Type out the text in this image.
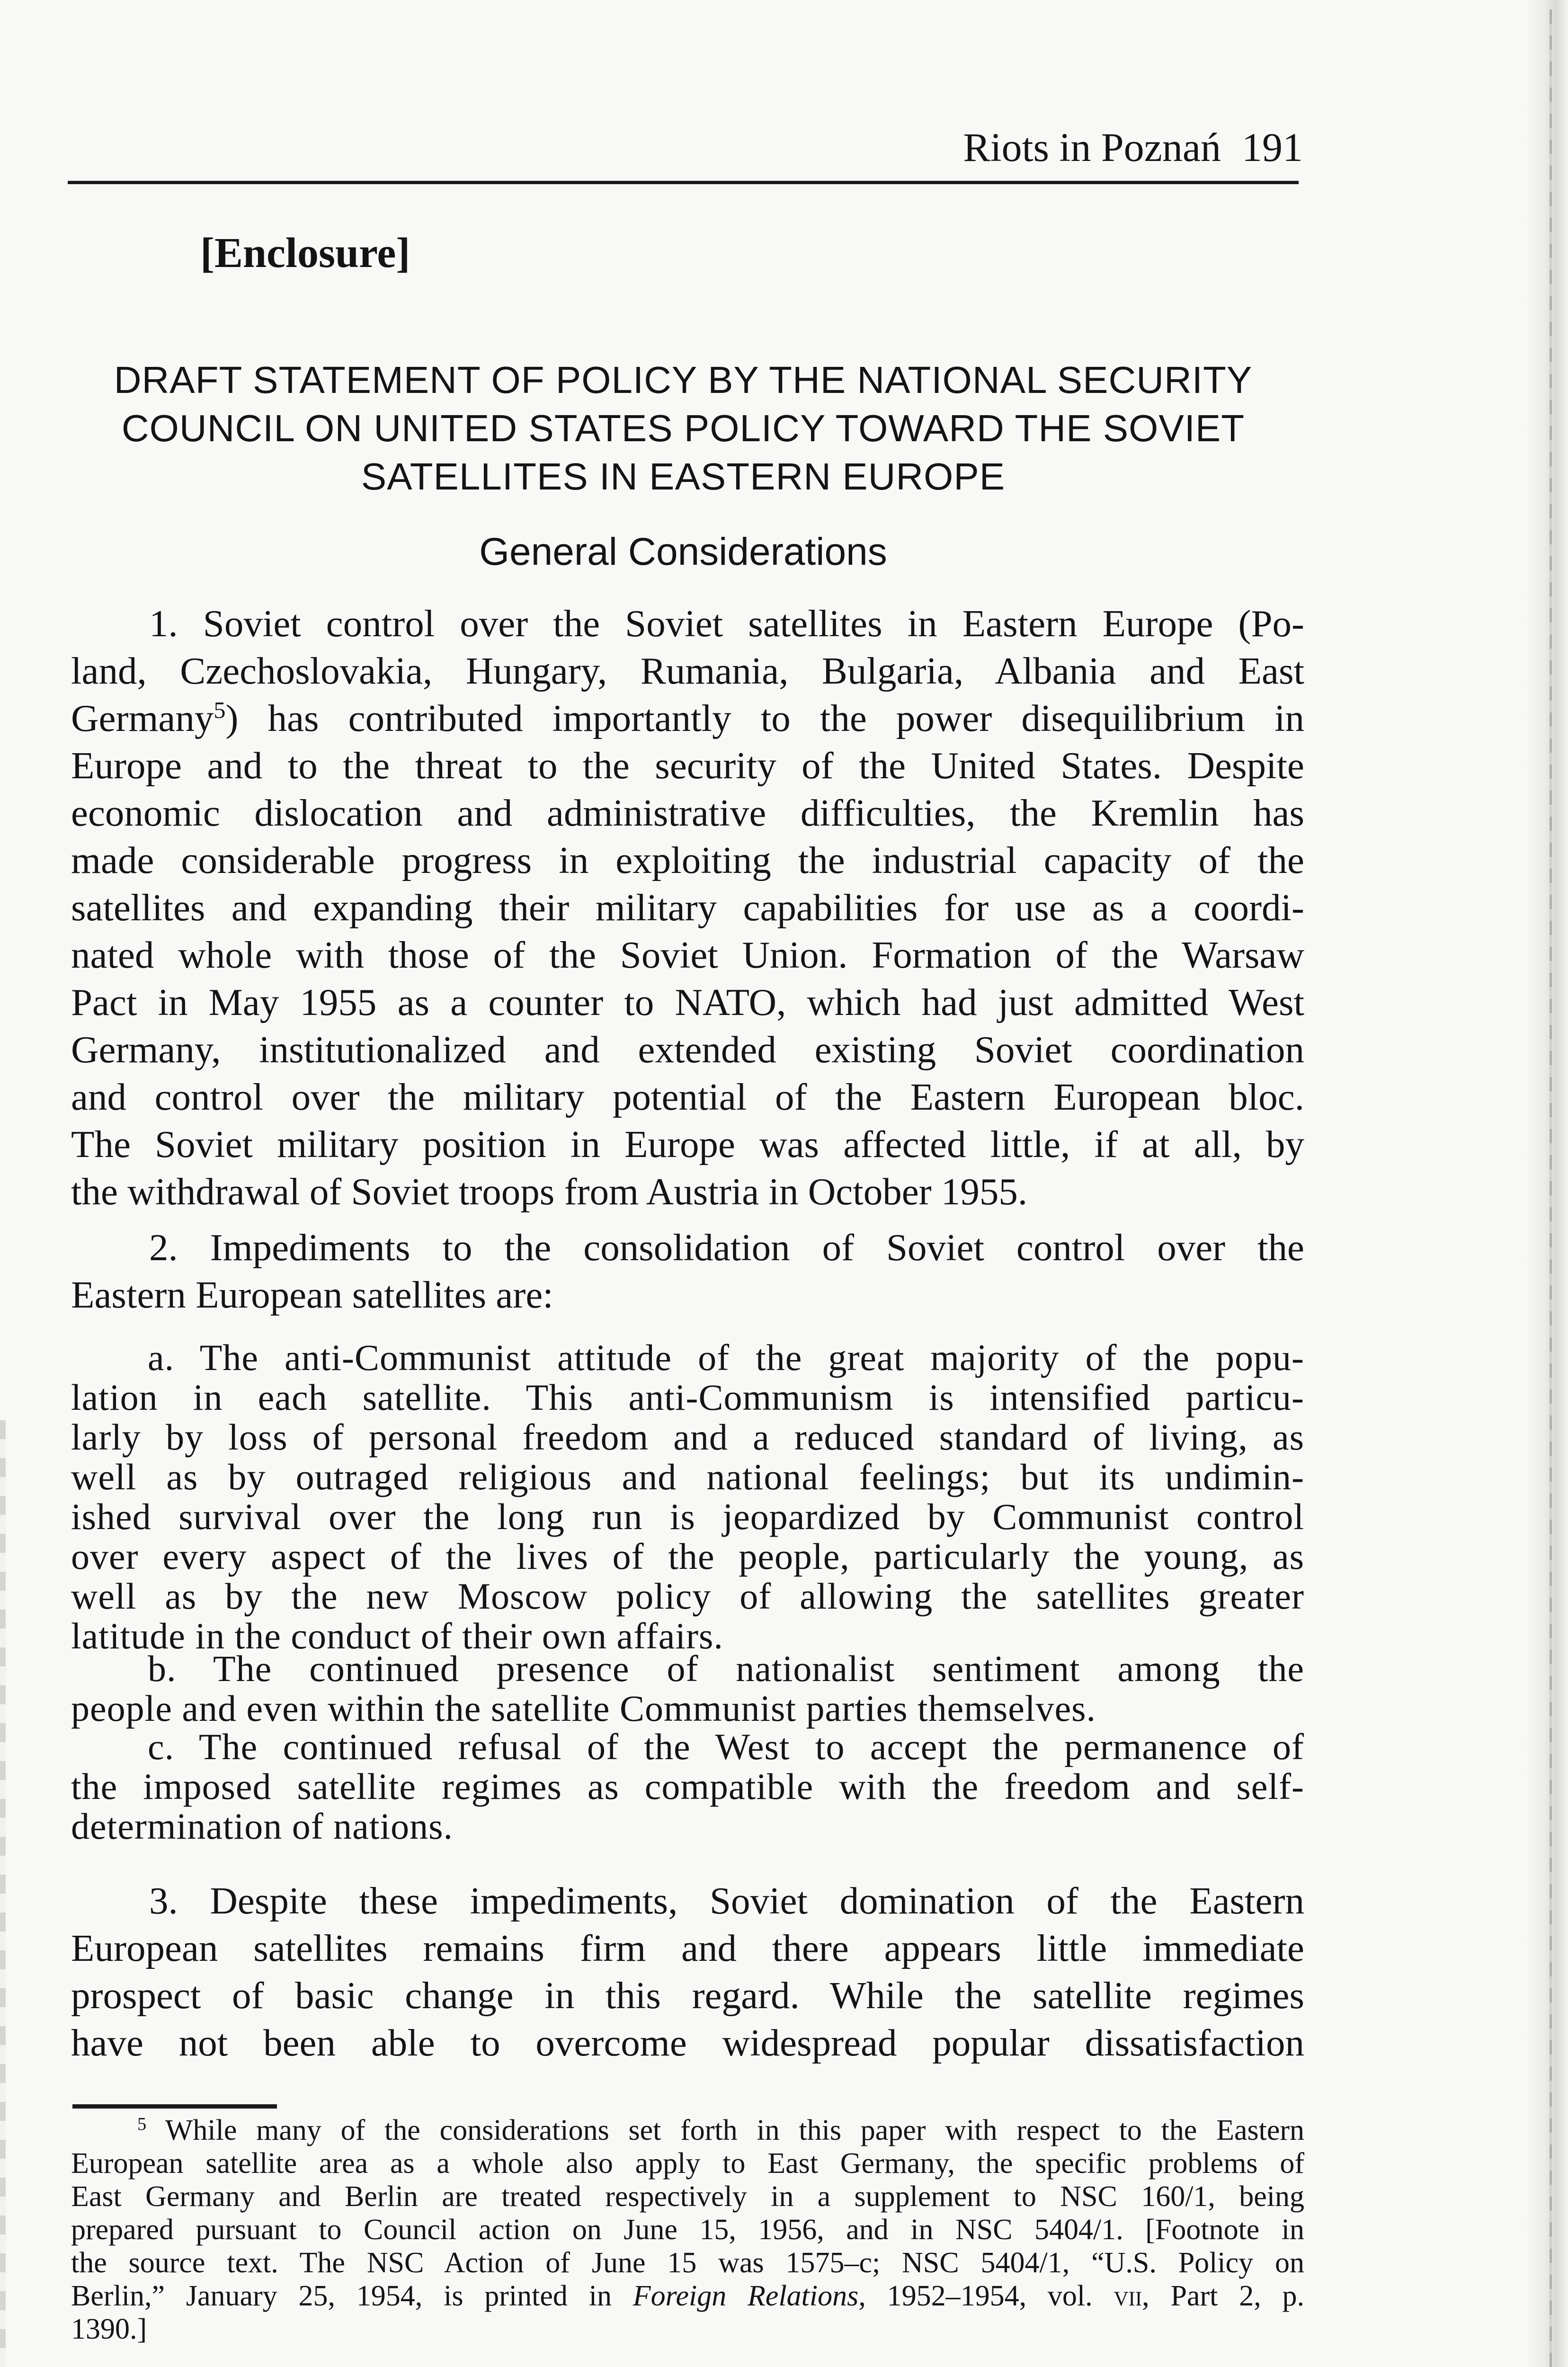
Riots in Poznań 191
[Enclosure]
DRAFT STATEMENT OF POLICY BY THE NATIONAL SECURITY
COUNCIL ON UNITED STATES POLICY TOWARD THE SOVIET
SATELLITES IN EASTERN EUROPE
General Considerations
1. Soviet control over the Soviet satellites in Eastern Europe (Po-
land, Czechoslovakia, Hungary, Rumania, Bulgaria, Albania and East
Germany$^5$) has contributed importantly to the power disequilibrium in
Europe and to the threat to the security of the United States. Despite
economic dislocation and administrative difficulties, the Kremlin has
made considerable progress in exploiting the industrial capacity of the
satellites and expanding their military capabilities for use as a coordi-
nated whole with those of the Soviet Union. Formation of the Warsaw
Pact in May 1955 as a counter to NATO, which had just admitted West
Germany, institutionalized and extended existing Soviet coordination
and control over the military potential of the Eastern European bloc.
The Soviet military position in Europe was affected little, if at all, by
the withdrawal of Soviet troops from Austria in October 1955.
2. Impediments to the consolidation of Soviet control over the
Eastern European satellites are:
a. The anti-Communist attitude of the great majority of the popu-
lation in each satellite. This anti-Communism is intensified particu-
larly by loss of personal freedom and a reduced standard of living, as
well as by outraged religious and national feelings; but its undimin-
ished survival over the long run is jeopardized by Communist control
over every aspect of the lives of the people, particularly the young, as
well as by the new Moscow policy of allowing the satellites greater
latitude in the conduct of their own affairs.
b. The continued presence of nationalist sentiment among the
people and even within the satellite Communist parties themselves.
c. The continued refusal of the West to accept the permanence of
the imposed satellite regimes as compatible with the freedom and self-
determination of nations.
3. Despite these impediments, Soviet domination of the Eastern
European satellites remains firm and there appears little immediate
prospect of basic change in this regard. While the satellite regimes
have not been able to overcome widespread popular dissatisfaction
$^5$ While many of the considerations set forth in this paper with respect to the Eastern
European satellite area as a whole also apply to East Germany, the specific problems of
East Germany and Berlin are treated respectively in a supplement to NSC 160/1, being
prepared pursuant to Council action on June 15, 1956, and in NSC 5404/1. [Footnote in
the source text. The NSC Action of June 15 was 1575–c; NSC 5404/1, “U.S. Policy on
Berlin,” January 25, 1954, is printed in Foreign Relations, 1952–1954, vol. vii, Part 2, p.
1390.]
